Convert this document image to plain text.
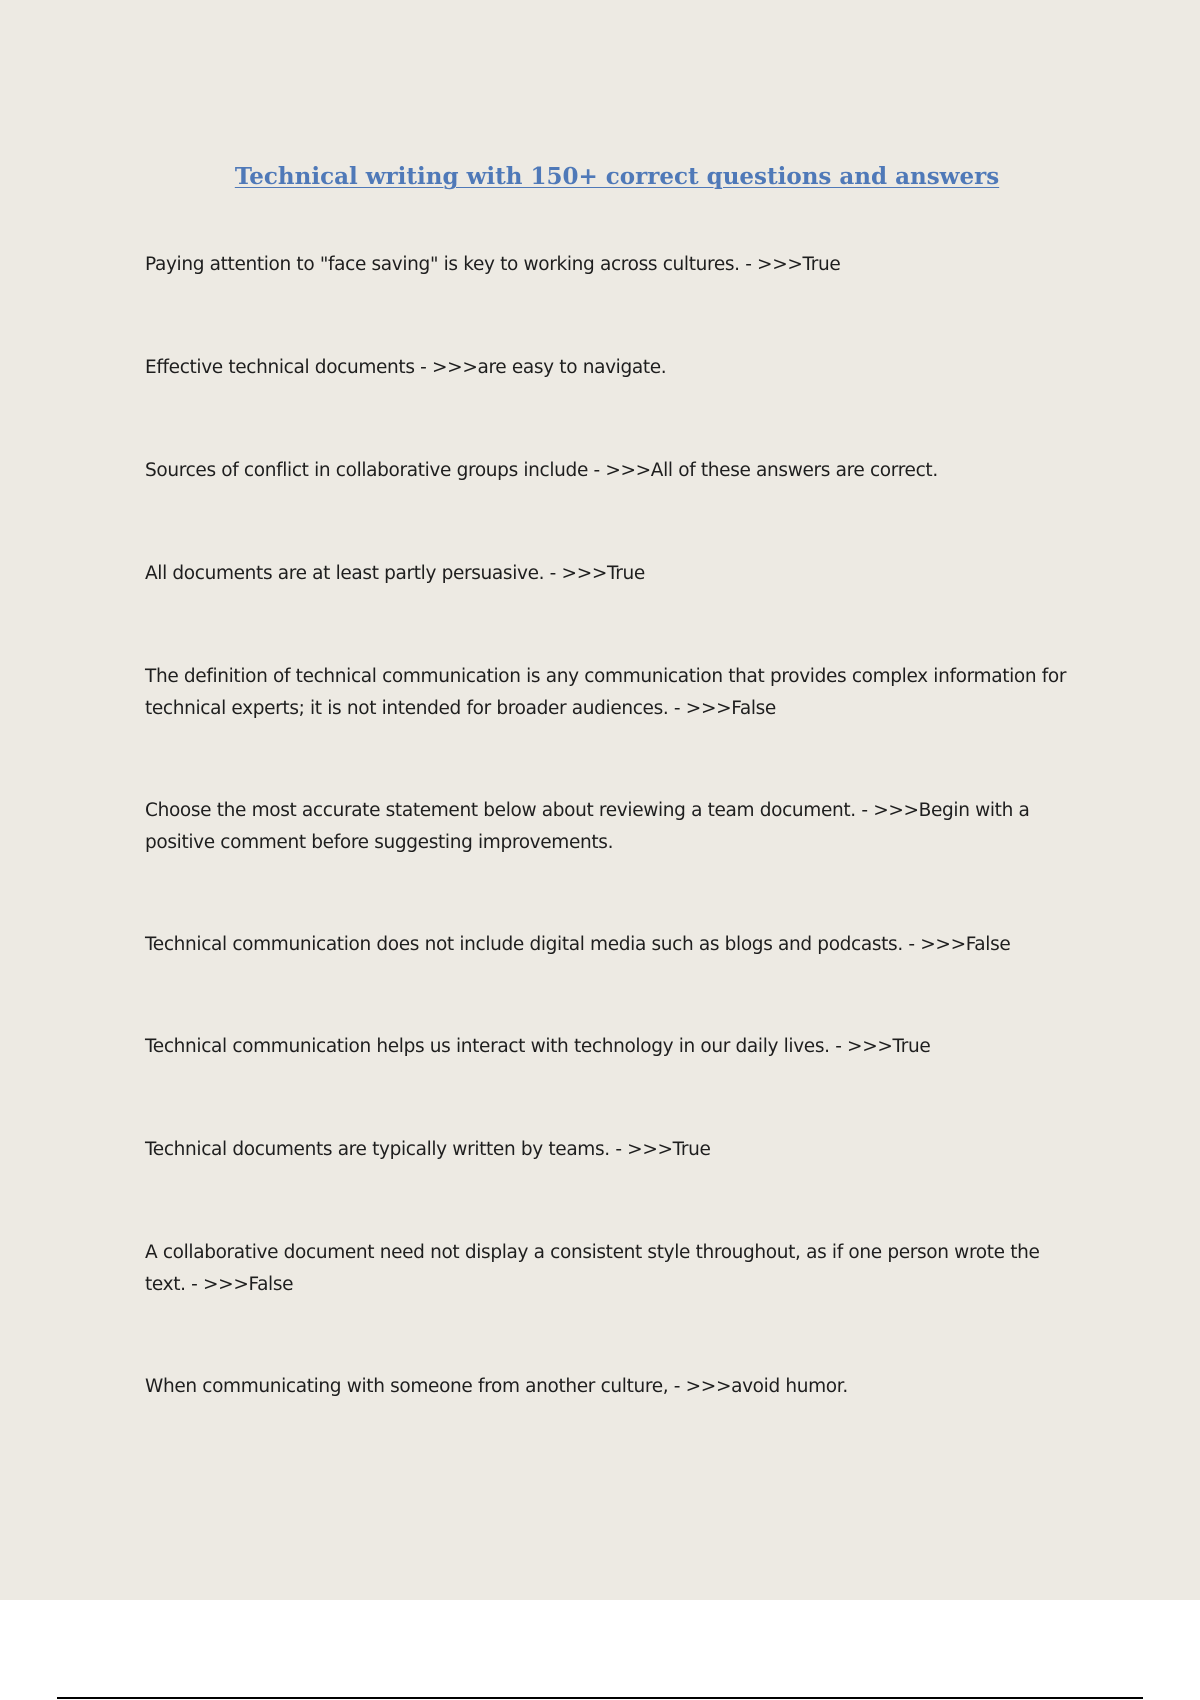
Technical writing with 150+ correct questions and answers

Paying attention to "face saving" is key to working across cultures. - >>>True

Effective technical documents - >>>are easy to navigate.

Sources of conflict in collaborative groups include - >>>All of these answers are correct.

All documents are at least partly persuasive. - >>>True

The definition of technical communication is any communication that provides complex information for technical experts; it is not intended for broader audiences. - >>>False

Choose the most accurate statement below about reviewing a team document. - >>>Begin with a positive comment before suggesting improvements.

Technical communication does not include digital media such as blogs and podcasts. - >>>False

Technical communication helps us interact with technology in our daily lives. - >>>True

Technical documents are typically written by teams. - >>>True

A collaborative document need not display a consistent style throughout, as if one person wrote the text. - >>>False

When communicating with someone from another culture, - >>>avoid humor.
